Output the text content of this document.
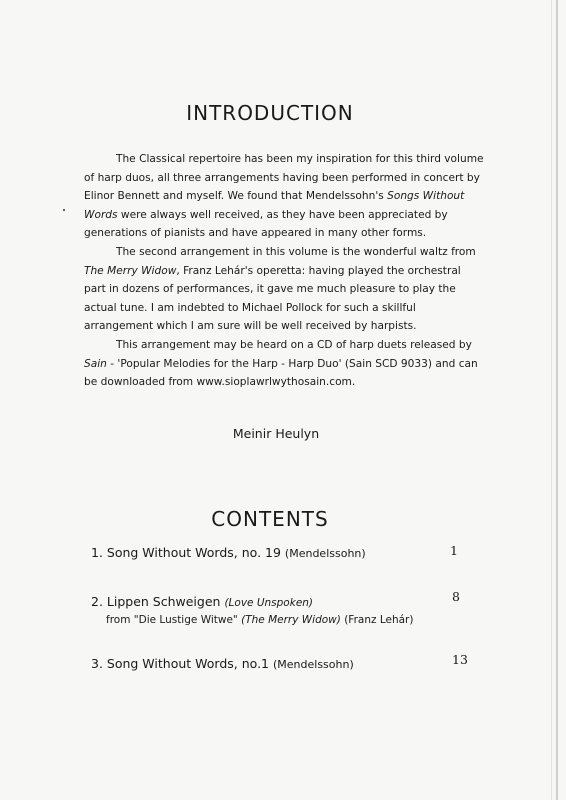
INTRODUCTION

The Classical repertoire has been my inspiration for this third volume of harp duos, all three arrangements having been performed in concert by Elinor Bennett and myself. We found that Mendelssohn's Songs Without Words were always well received, as they have been appreciated by generations of pianists and have appeared in many other forms.

The second arrangement in this volume is the wonderful waltz from The Merry Widow, Franz Lehár's operetta: having played the orchestral part in dozens of performances, it gave me much pleasure to play the actual tune. I am indebted to Michael Pollock for such a skillful arrangement which I am sure will be well received by harpists.

This arrangement may be heard on a CD of harp duets released by Sain - 'Popular Melodies for the Harp - Harp Duo' (Sain SCD 9033) and can be downloaded from www.sioplawrlwythosain.com.

Meinir Heulyn
CONTENTS
1. Song Without Words, no. 19 (Mendelssohn)	1
2. Lippen Schweigen (Love Unspoken)
from "Die Lustige Witwe" (The Merry Widow) (Franz Lehár)
8
3. Song Without Words, no.1 (Mendelssohn)	13
